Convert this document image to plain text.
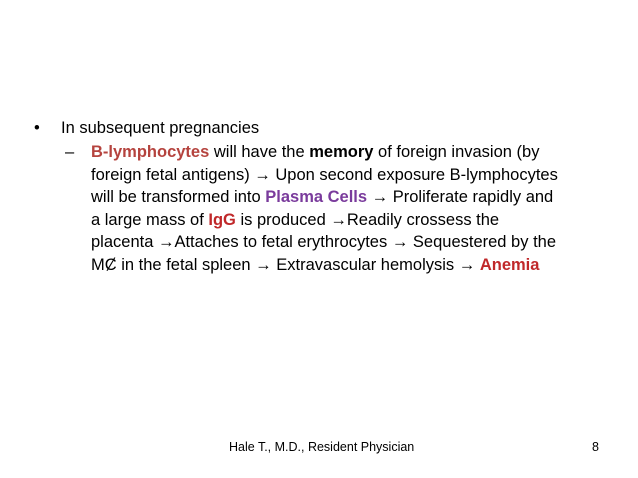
• In subsequent pregnancies
– B-lymphocytes will have the memory of foreign invasion (by
foreign fetal antigens) → Upon second exposure B-lymphocytes
will be transformed into Plasma Cells → Proliferate rapidly and
a large mass of IgG is produced →Readily crossess the
placenta →Attaches to fetal erythrocytes → Sequestered by the
MȻ in the fetal spleen → Extravascular hemolysis → Anemia
Hale T., M.D., Resident Physician	8
